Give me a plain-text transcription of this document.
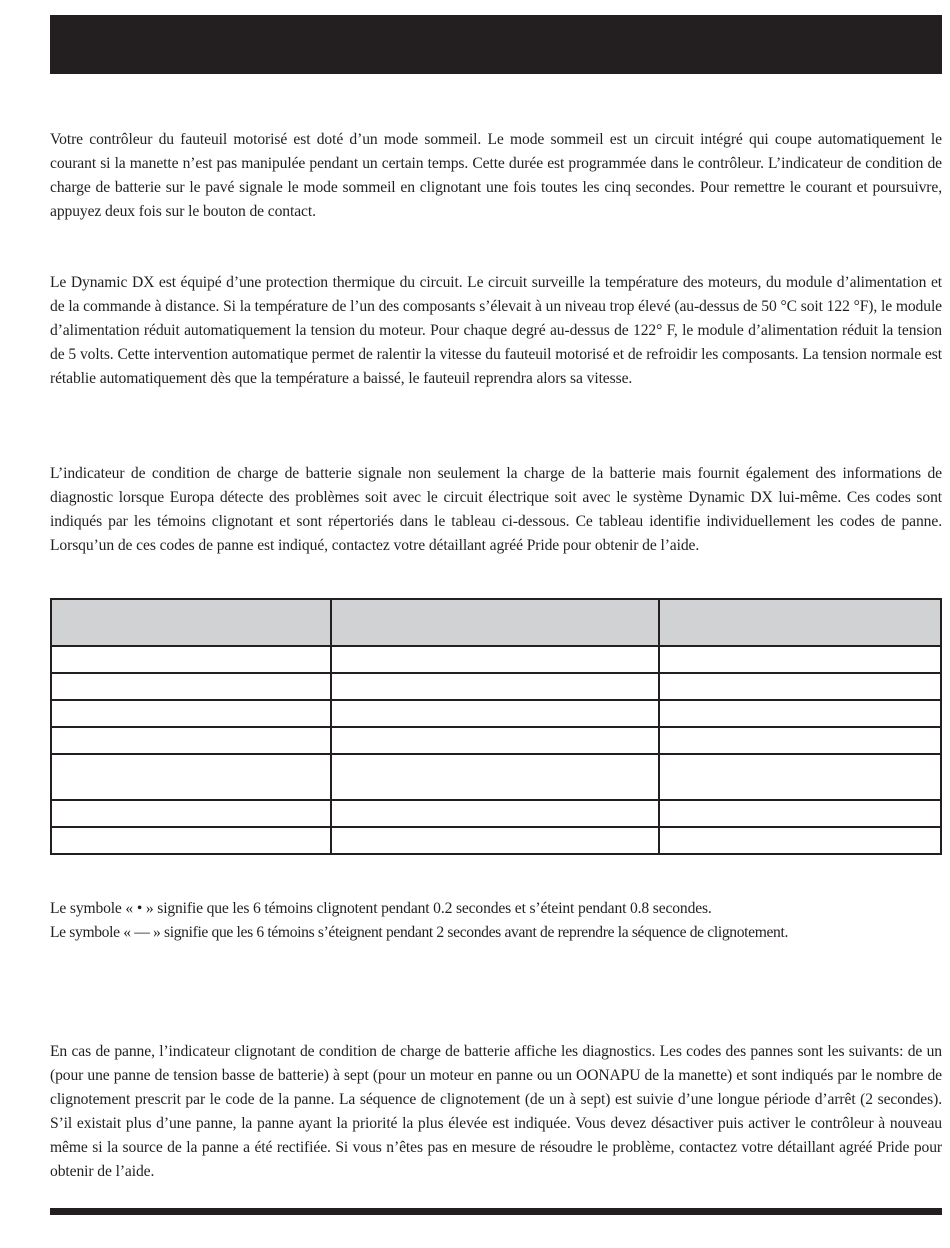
Votre contrôleur du fauteuil motorisé est doté d’un mode sommeil. Le mode sommeil est un circuit intégré qui coupe automatiquement le courant si la manette n’est pas manipulée pendant un certain temps. Cette durée est programmée dans le contrôleur. L’indicateur de condition de charge de batterie sur le pavé signale le mode sommeil en clignotant une fois toutes les cinq secondes. Pour remettre le courant et poursuivre, appuyez deux fois sur le bouton de contact.

Le Dynamic DX est équipé d’une protection thermique du circuit. Le circuit surveille la température des moteurs, du module d’alimentation et de la commande à distance. Si la température de l’un des composants s’élevait à un niveau trop élevé (au-dessus de 50 °C soit 122 °F), le module d’alimentation réduit automatiquement la tension du moteur. Pour chaque degré au-dessus de 122° F, le module d’alimentation réduit la tension de 5 volts. Cette intervention automatique permet de ralentir la vitesse du fauteuil motorisé et de refroidir les composants. La tension normale est rétablie automatiquement dès que la température a baissé, le fauteuil reprendra alors sa vitesse.

L’indicateur de condition de charge de batterie signale non seulement la charge de la batterie mais fournit également des informations de diagnostic lorsque Europa détecte des problèmes soit avec le circuit électrique soit avec le système Dynamic DX lui-même. Ces codes sont indiqués par les témoins clignotant et sont répertoriés dans le tableau ci-dessous. Ce tableau identifie individuellement les codes de panne. Lorsqu’un de ces codes de panne est indiqué, contactez votre détaillant agréé Pride pour obtenir de l’aide.

Le symbole « • » signifie que les 6 témoins clignotent pendant 0.2 secondes et s’éteint pendant 0.8 secondes.

Le symbole « — » signifie que les 6 témoins s’éteignent pendant 2 secondes avant de reprendre la séquence de clignotement.

En cas de panne, l’indicateur clignotant de condition de charge de batterie affiche les diagnostics. Les codes des pannes sont les suivants: de un (pour une panne de tension basse de batterie) à sept (pour un moteur en panne ou un OONAPU de la manette) et sont indiqués par le nombre de clignotement prescrit par le code de la panne. La séquence de clignotement (de un à sept) est suivie d’une longue période d’arrêt (2 secondes). S’il existait plus d’une panne, la panne ayant la priorité la plus élevée est indiquée. Vous devez désactiver puis activer le contrôleur à nouveau même si la source de la panne a été rectifiée. Si vous n’êtes pas en mesure de résoudre le problème, contactez votre détaillant agréé Pride pour obtenir de l’aide.
